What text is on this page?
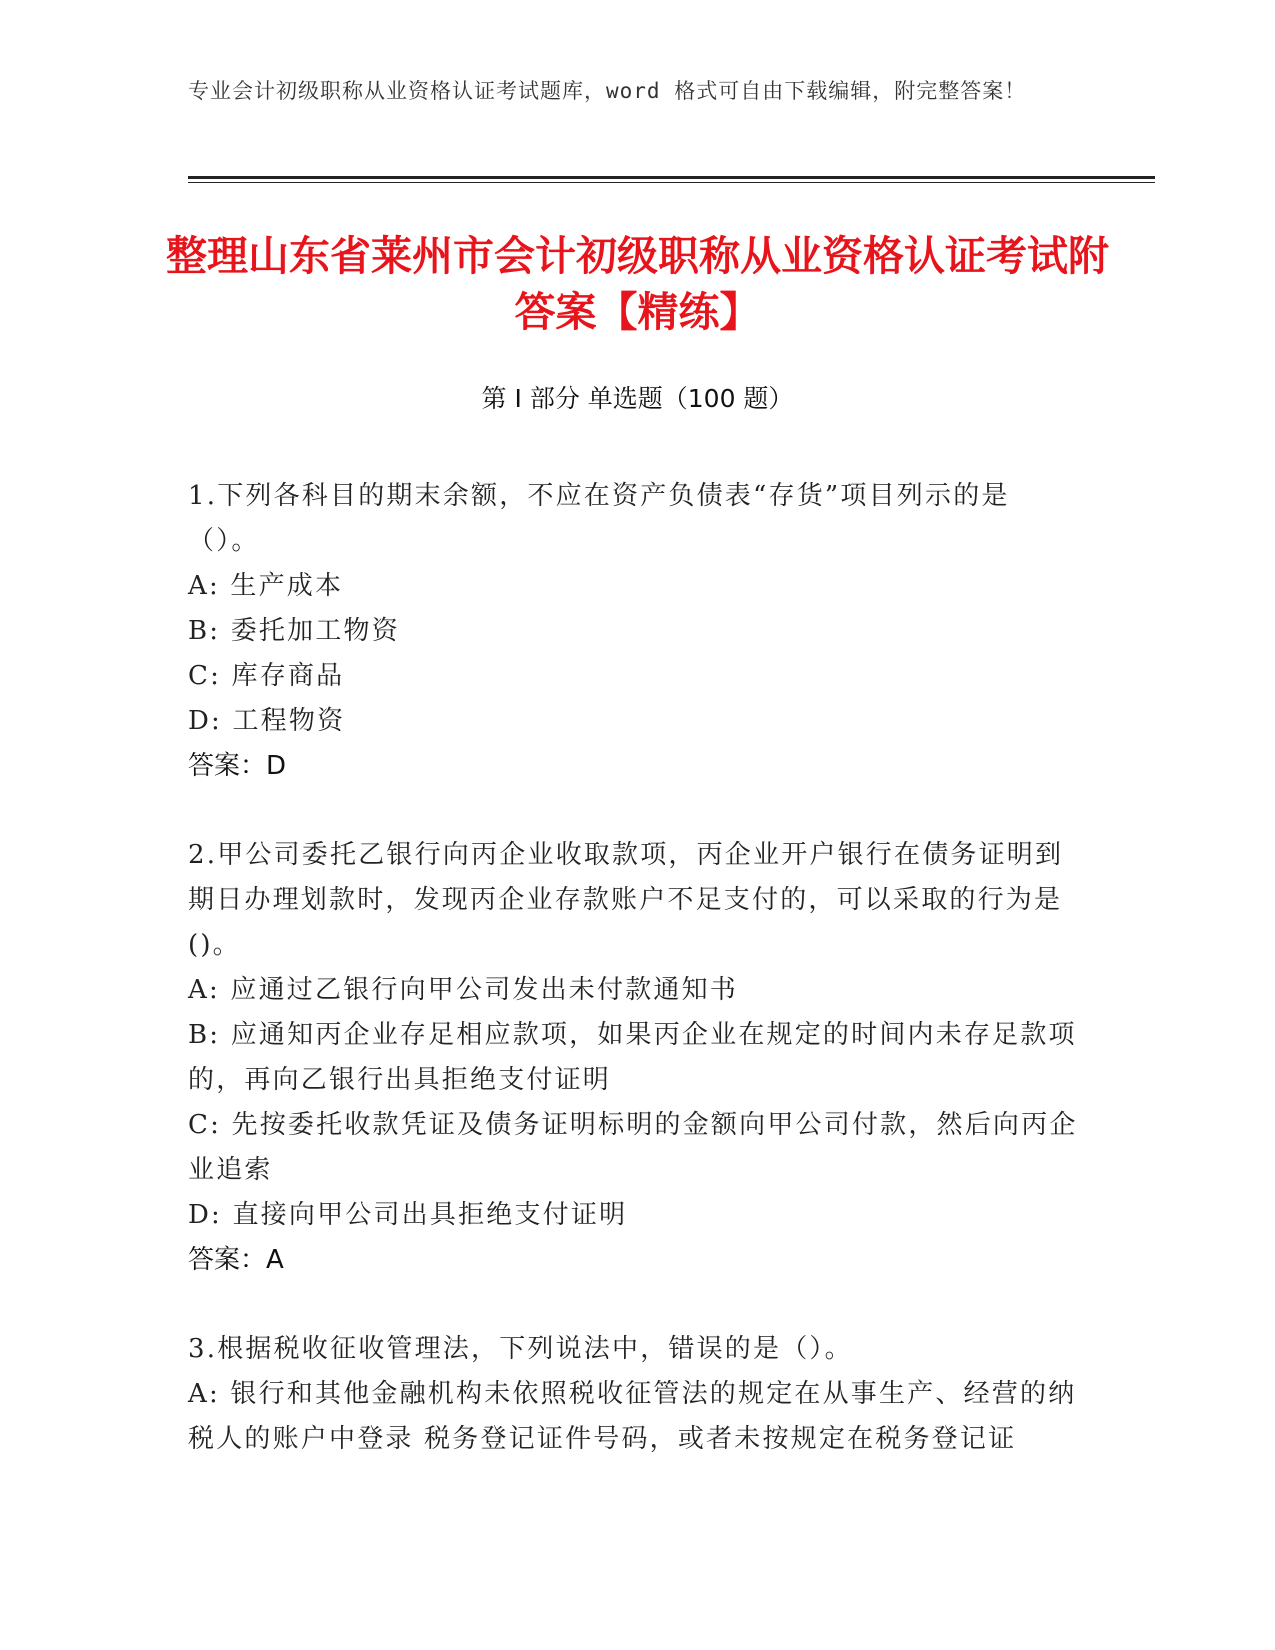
专业会计初级职称从业资格认证考试题库，word 格式可自由下载编辑，附完整答案！
整理山东省莱州市会计初级职称从业资格认证考试附答案【精练】
第 I 部分 单选题（100 题）

1.下列各科目的期末余额，不应在资产负债表“存货”项目列示的是（）。

A: 生产成本

B: 委托加工物资

C: 库存商品

D: 工程物资

答案：D

2.甲公司委托乙银行向丙企业收取款项，丙企业开户银行在债务证明到期日办理划款时，发现丙企业存款账户不足支付的，可以采取的行为是()。

A: 应通过乙银行向甲公司发出未付款通知书

B: 应通知丙企业存足相应款项，如果丙企业在规定的时间内未存足款项的，再向乙银行出具拒绝支付证明

C: 先按委托收款凭证及债务证明标明的金额向甲公司付款，然后向丙企业追索

D: 直接向甲公司出具拒绝支付证明

答案：A

3.根据税收征收管理法，下列说法中，错误的是（）。

A: 银行和其他金融机构未依照税收征管法的规定在从事生产、经营的纳税人的账户中登录 税务登记证件号码，或者未按规定在税务登记证
